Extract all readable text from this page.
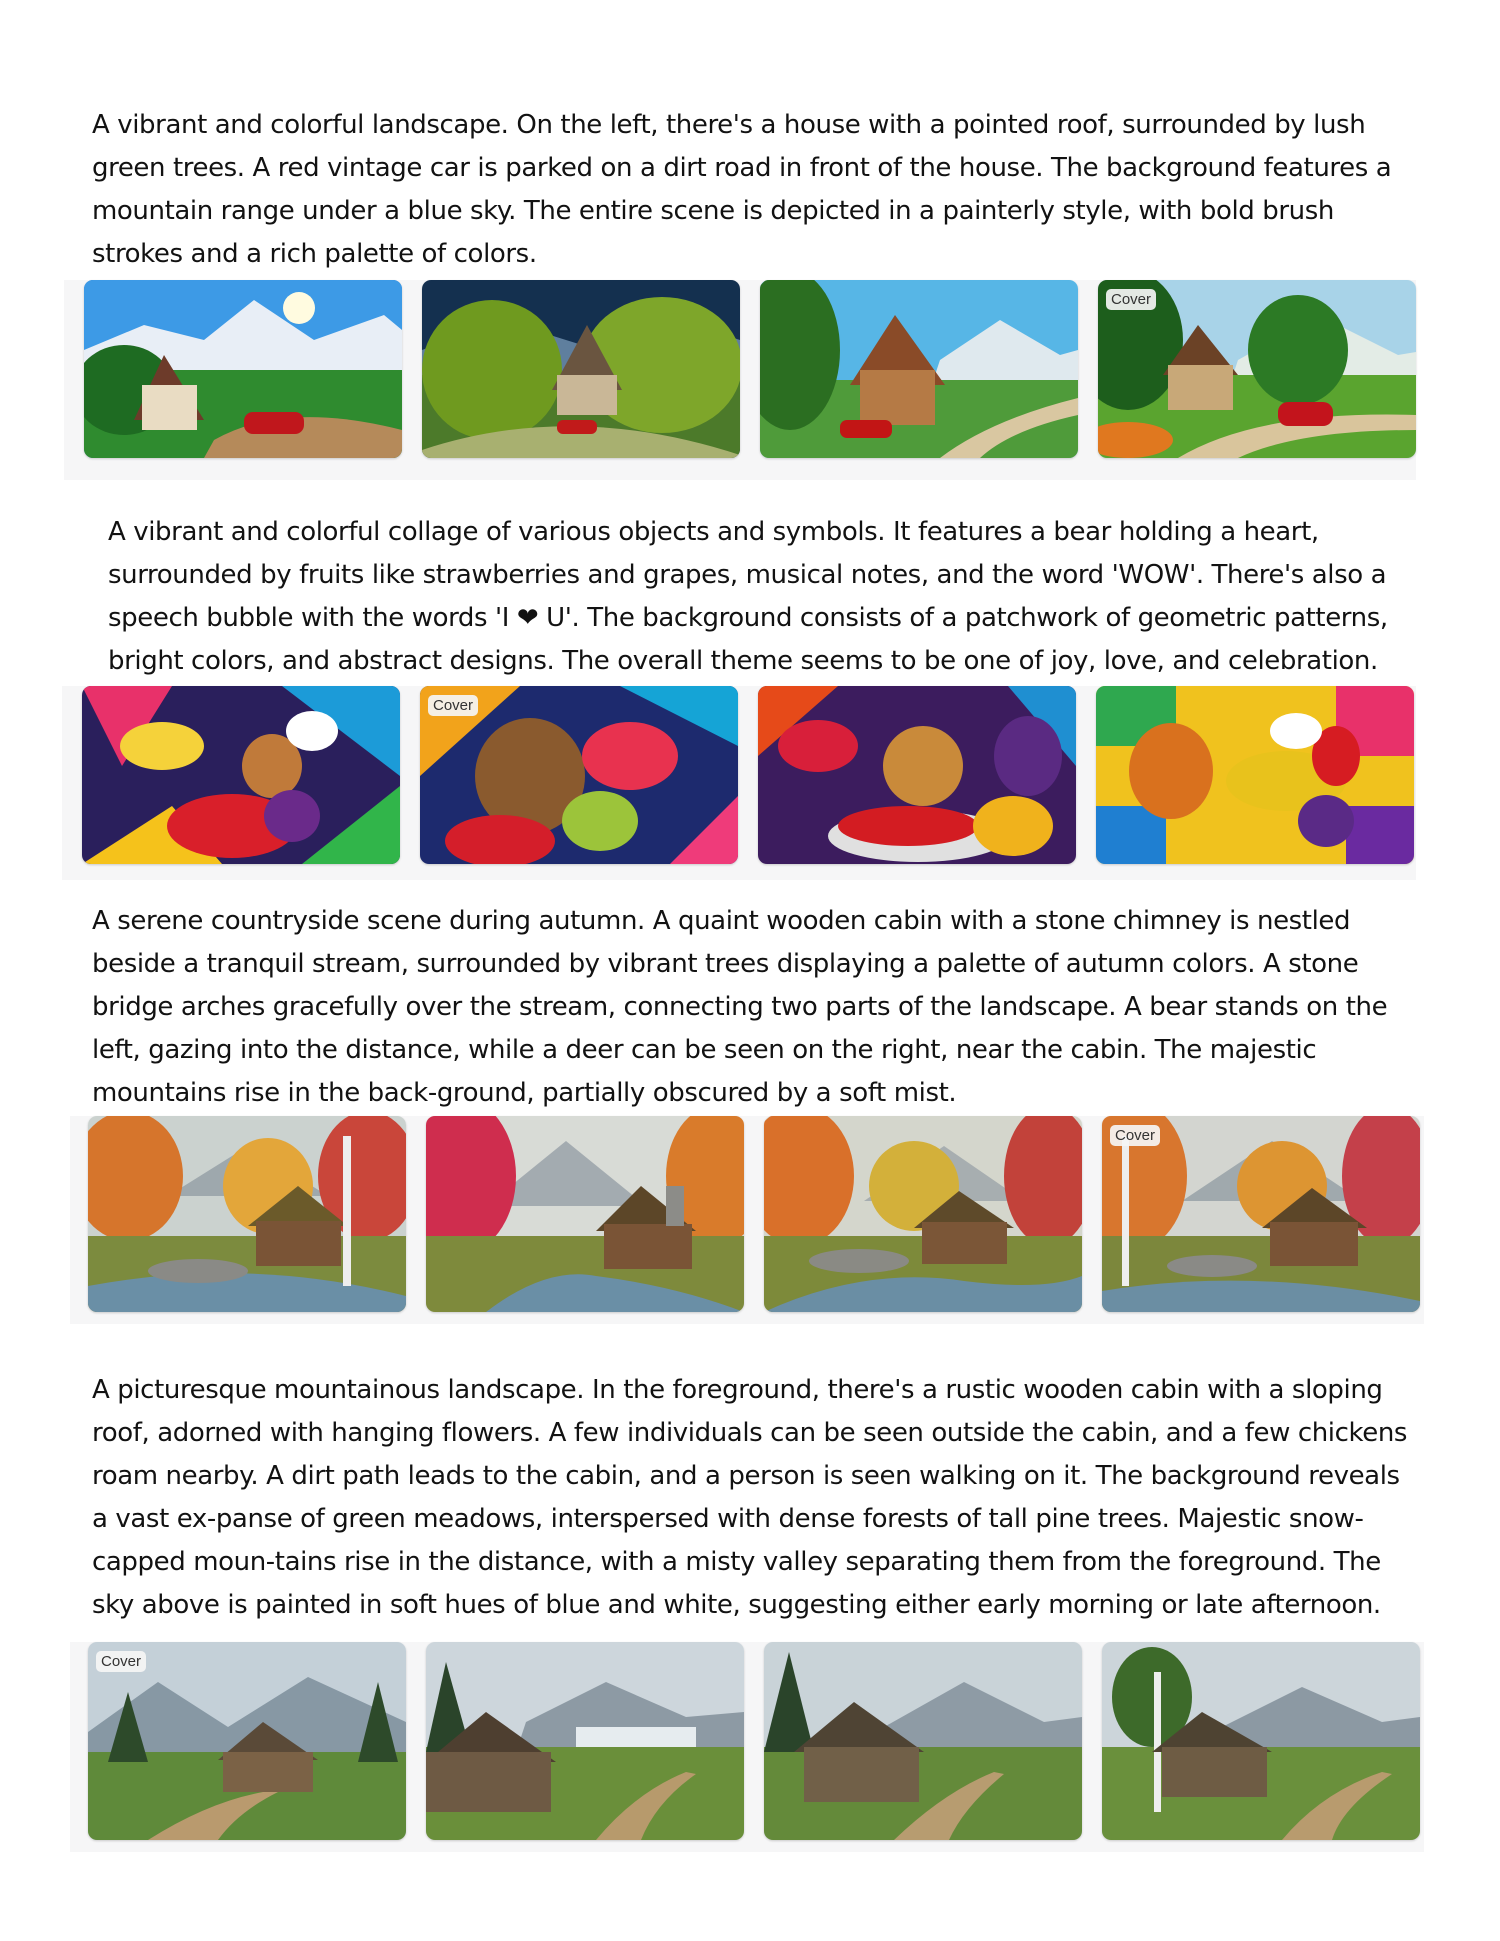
A vibrant and colorful landscape. On the left, there's a house with a pointed roof, surrounded by lush green trees. A red vintage car is parked on a dirt road in front of the house. The background features a mountain range under a blue sky. The entire scene is depicted in a painterly style, with bold brush strokes and a rich palette of colors.
Cover
A vibrant and colorful collage of various objects and symbols. It features a bear holding a heart, surrounded by fruits like strawberries and grapes, musical notes, and the word 'WOW'. There's also a speech bubble with the words 'I ❤ U'. The background consists of a patchwork of geometric patterns, bright colors, and abstract designs. The overall theme seems to be one of joy, love, and celebration.
Cover
A serene countryside scene during autumn. A quaint wooden cabin with a stone chimney is nestled beside a tranquil stream, surrounded by vibrant trees displaying a palette of autumn colors. A stone bridge arches gracefully over the stream, connecting two parts of the landscape. A bear stands on the left, gazing into the distance, while a deer can be seen on the right, near the cabin. The majestic mountains rise in the back-ground, partially obscured by a soft mist.
Cover
A picturesque mountainous landscape. In the foreground, there's a rustic wooden cabin with a sloping roof, adorned with hanging flowers. A few individuals can be seen outside the cabin, and a few chickens roam nearby. A dirt path leads to the cabin, and a person is seen walking on it. The background reveals a vast ex-panse of green meadows, interspersed with dense forests of tall pine trees. Majestic snow-capped moun-tains rise in the distance, with a misty valley separating them from the foreground. The sky above is painted in soft hues of blue and white, suggesting either early morning or late afternoon.
Cover
